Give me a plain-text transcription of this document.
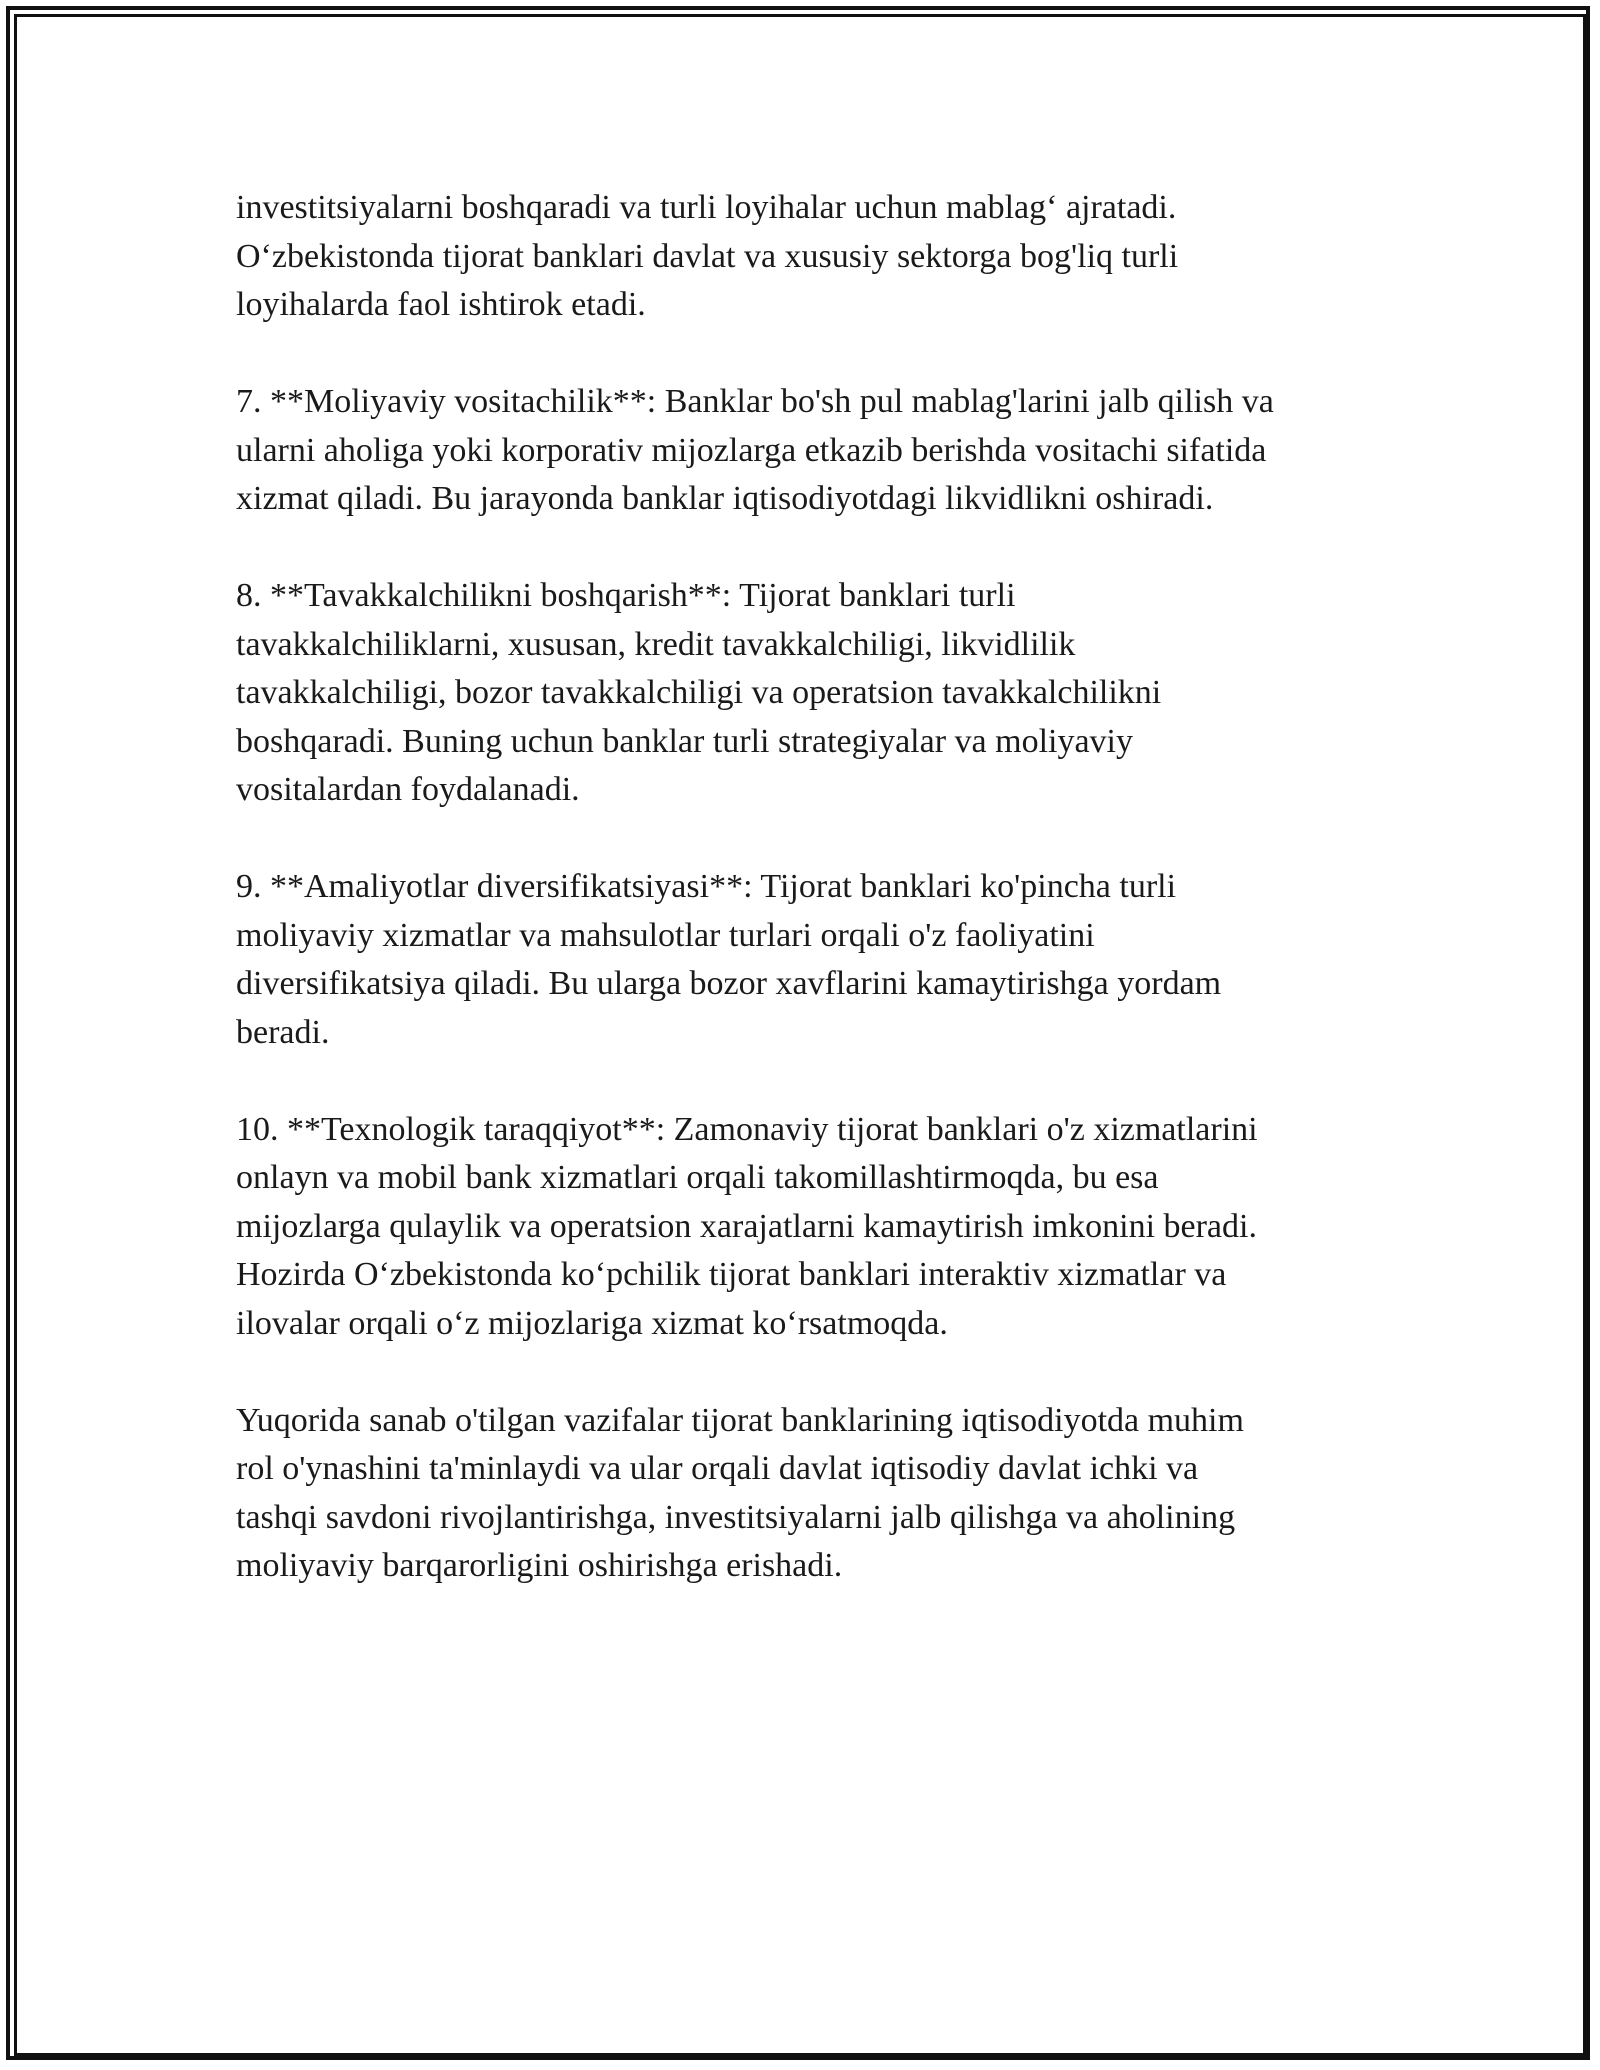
investitsiyalarni boshqaradi va turli loyihalar uchun mablag‘ ajratadi.
O‘zbekistonda tijorat banklari davlat va xususiy sektorga bog'liq turli
loyihalarda faol ishtirok etadi.

7. **Moliyaviy vositachilik**: Banklar bo'sh pul mablag'larini jalb qilish va
ularni aholiga yoki korporativ mijozlarga etkazib berishda vositachi sifatida
xizmat qiladi. Bu jarayonda banklar iqtisodiyotdagi likvidlikni oshiradi.

8. **Tavakkalchilikni boshqarish**: Tijorat banklari turli
tavakkalchiliklarni, xususan, kredit tavakkalchiligi, likvidlilik
tavakkalchiligi, bozor tavakkalchiligi va operatsion tavakkalchilikni
boshqaradi. Buning uchun banklar turli strategiyalar va moliyaviy
vositalardan foydalanadi.

9. **Amaliyotlar diversifikatsiyasi**: Tijorat banklari ko'pincha turli
moliyaviy xizmatlar va mahsulotlar turlari orqali o'z faoliyatini
diversifikatsiya qiladi. Bu ularga bozor xavflarini kamaytirishga yordam
beradi.

10. **Texnologik taraqqiyot**: Zamonaviy tijorat banklari o'z xizmatlarini
onlayn va mobil bank xizmatlari orqali takomillashtirmoqda, bu esa
mijozlarga qulaylik va operatsion xarajatlarni kamaytirish imkonini beradi.
Hozirda O‘zbekistonda ko‘pchilik tijorat banklari interaktiv xizmatlar va
ilovalar orqali o‘z mijozlariga xizmat ko‘rsatmoqda.

Yuqorida sanab o'tilgan vazifalar tijorat banklarining iqtisodiyotda muhim
rol o'ynashini ta'minlaydi va ular orqali davlat iqtisodiy davlat ichki va
tashqi savdoni rivojlantirishga, investitsiyalarni jalb qilishga va aholining
moliyaviy barqarorligini oshirishga erishadi.
